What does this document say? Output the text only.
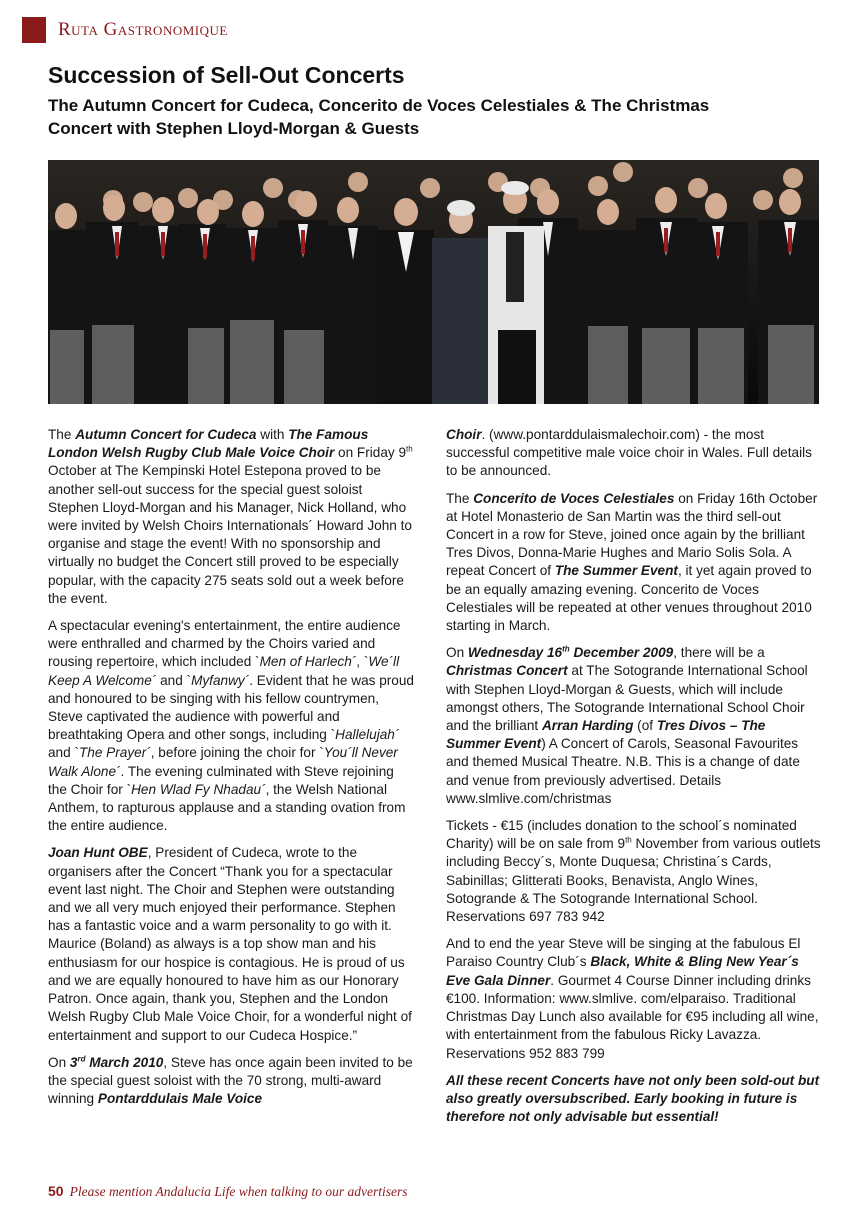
Ruta Gastronomique
Succession of Sell-Out Concerts
The Autumn Concert for Cudeca, Concerito de Voces Celestiales & The Christmas Concert with Stephen Lloyd-Morgan & Guests

The Autumn Concert for Cudeca with The Famous London Welsh Rugby Club Male Voice Choir on Friday 9th October at The Kempinski Hotel Estepona proved to be another sell-out success for the special guest soloist Stephen Lloyd-Morgan and his Manager, Nick Holland, who were invited by Welsh Choirs Internationals´ Howard John to organise and stage the event! With no sponsorship and virtually no budget the Concert still proved to be especially popular, with the capacity 275 seats sold out a week before the event.

A spectacular evening's entertainment, the entire audience were enthralled and charmed by the Choirs varied and rousing repertoire, which included `Men of Harlech´, `We´ll Keep A Welcome´ and `Myfanwy´. Evident that he was proud and honoured to be singing with his fellow countrymen, Steve captivated the audience with powerful and breathtaking Opera and other songs, including `Hallelujah´ and `The Prayer´, before joining the choir for `You´ll Never Walk Alone´. The evening culminated with Steve rejoining the Choir for `Hen Wlad Fy Nhadau´, the Welsh National Anthem, to rapturous applause and a standing ovation from the entire audience.

Joan Hunt OBE, President of Cudeca, wrote to the organisers after the Concert “Thank you for a spectacular event last night. The Choir and Stephen were outstanding and we all very much enjoyed their performance. Stephen has a fantastic voice and a warm personality to go with it. Maurice (Boland) as always is a top show man and his enthusiasm for our hospice is contagious. He is proud of us and we are equally honoured to have him as our Honorary Patron. Once again, thank you, Stephen and the London Welsh Rugby Club Male Voice Choir, for a wonderful night of entertainment and support to our Cudeca Hospice.”

On 3rd March 2010, Steve has once again been invited to be the special guest soloist with the 70 strong, multi-award winning Pontarddulais Male Voice

Choir. (www.pontarddulaismalechoir.com) - the most successful competitive male voice choir in Wales. Full details to be announced.

The Concerito de Voces Celestiales on Friday 16th October at Hotel Monasterio de San Martin was the third sell-out Concert in a row for Steve, joined once again by the brilliant Tres Divos, Donna-Marie Hughes and Mario Solis Sola. A repeat Concert of The Summer Event, it yet again proved to be an equally amazing evening. Concerito de Voces Celestiales will be repeated at other venues throughout 2010 starting in March.

On Wednesday 16th December 2009, there will be a Christmas Concert at The Sotogrande International School with Stephen Lloyd-Morgan & Guests, which will include amongst others, The Sotogrande International School Choir and the brilliant Arran Harding (of Tres Divos – The Summer Event) A Concert of Carols, Seasonal Favourites and themed Musical Theatre. N.B. This is a change of date and venue from previously advertised. Details www.slmlive.com/christmas

Tickets - €15 (includes donation to the school´s nominated Charity) will be on sale from 9th November from various outlets including Beccy´s, Monte Duquesa; Christina´s Cards, Sabinillas; Glitterati Books, Benavista, Anglo Wines, Sotogrande & The Sotogrande International School. Reservations 697 783 942

And to end the year Steve will be singing at the fabulous El Paraiso Country Club´s Black, White & Bling New Year´s Eve Gala Dinner. Gourmet 4 Course Dinner including drinks €100. Information: www.slmlive. com/elparaiso. Traditional Christmas Day Lunch also available for €95 including all wine, with entertainment from the fabulous Ricky Lavazza. Reservations 952 883 799

All these recent Concerts have not only been sold-out but also greatly oversubscribed. Early booking in future is therefore not only advisable but essential!

50 Please mention Andalucia Life when talking to our advertisers
